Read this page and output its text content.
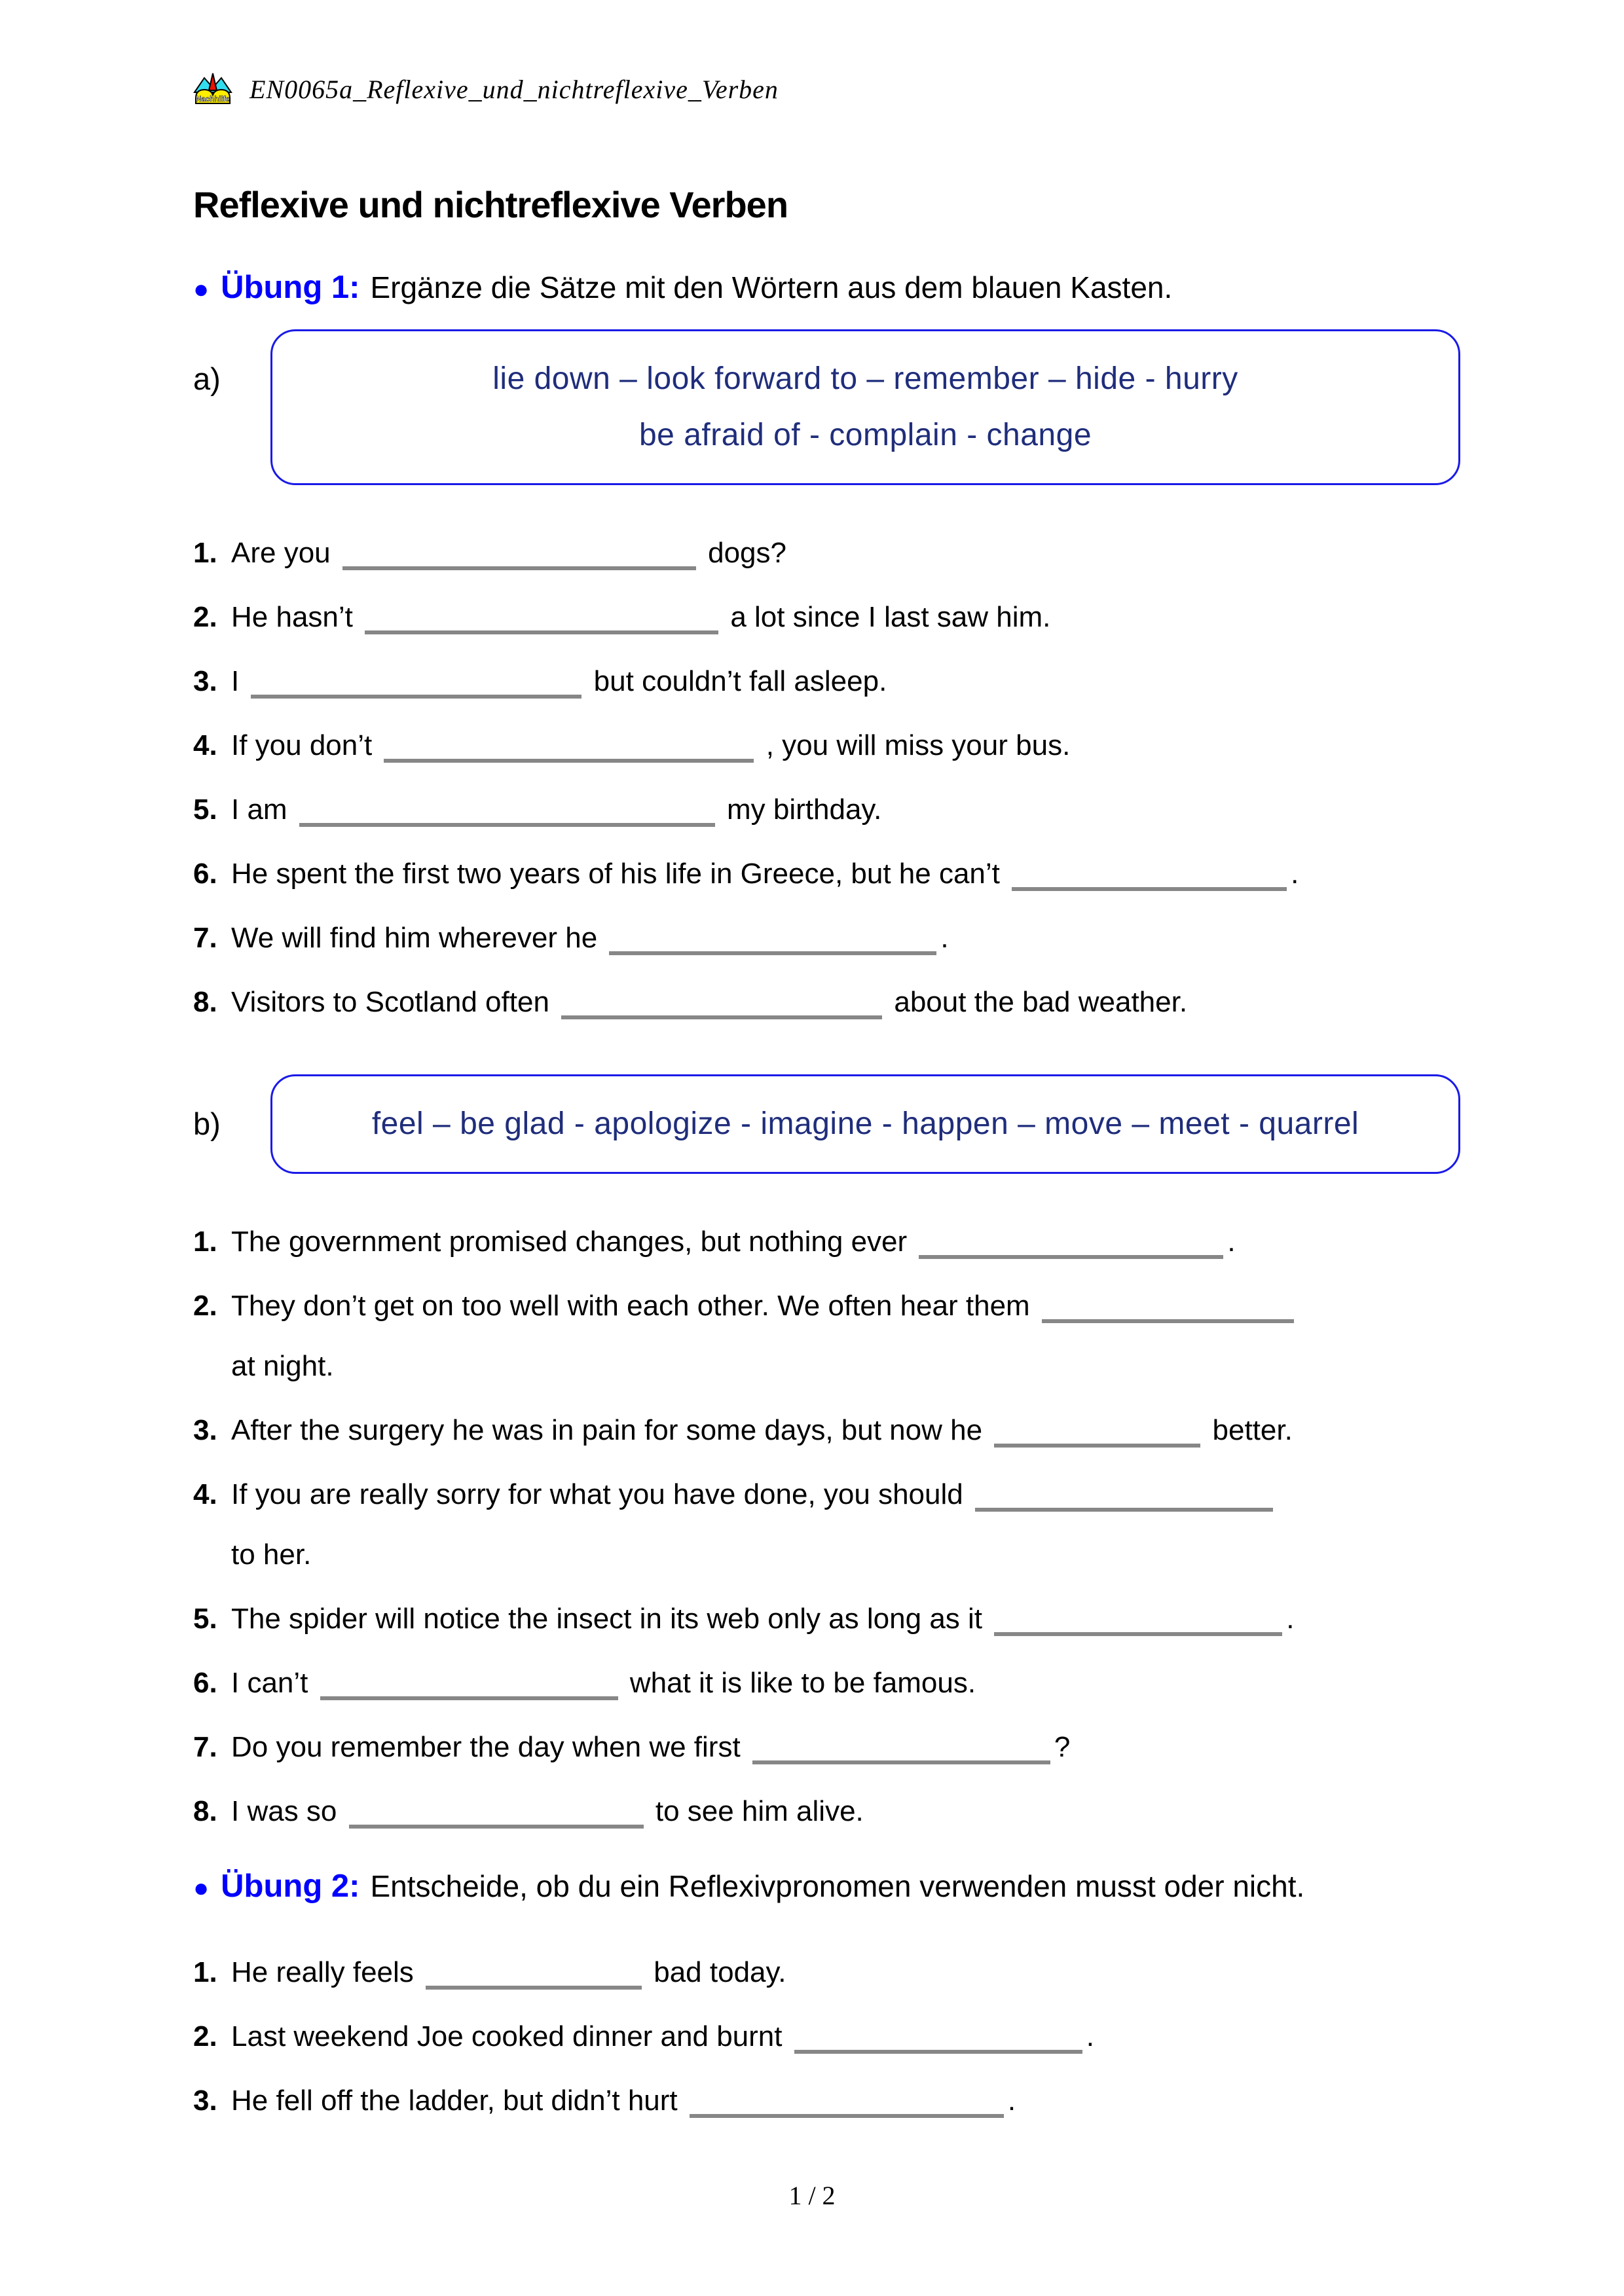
Nachhilfe EN0065a_Reflexive_und_nichtreflexive_Verben
Reflexive und nichtreflexive Verben
● Übung 1: Ergänze die Sätze mit den Wörtern aus dem blauen Kasten.
a)	lie down – look forward to – remember – hide - hurry
be afraid of - complain - change
1. Are you	dogs?
2. He hasn’t	a lot since I last saw him.
3. I	but couldn’t fall asleep.
4. If you don’t	, you will miss your bus.
5. I am	my birthday.
6. He spent the first two years of his life in Greece, but he can’t	.
7. We will find him wherever he	.
8. Visitors to Scotland often	about the bad weather.
b)	feel – be glad - apologize - imagine - happen – move – meet - quarrel
1. The government promised changes, but nothing ever	.
2. They don’t get on too well with each other. We often hear them
at night.
3. After the surgery he was in pain for some days, but now he	better.
4. If you are really sorry for what you have done, you should
to her.
5. The spider will notice the insect in its web only as long as it	.
6. I can’t	what it is like to be famous.
7. Do you remember the day when we first	?
8. I was so	to see him alive.
● Übung 2: Entscheide, ob du ein Reflexivpronomen verwenden musst oder nicht.
1. He really feels	bad today.
2. Last weekend Joe cooked dinner and burnt	.
3. He fell off the ladder, but didn’t hurt	.
1 / 2
